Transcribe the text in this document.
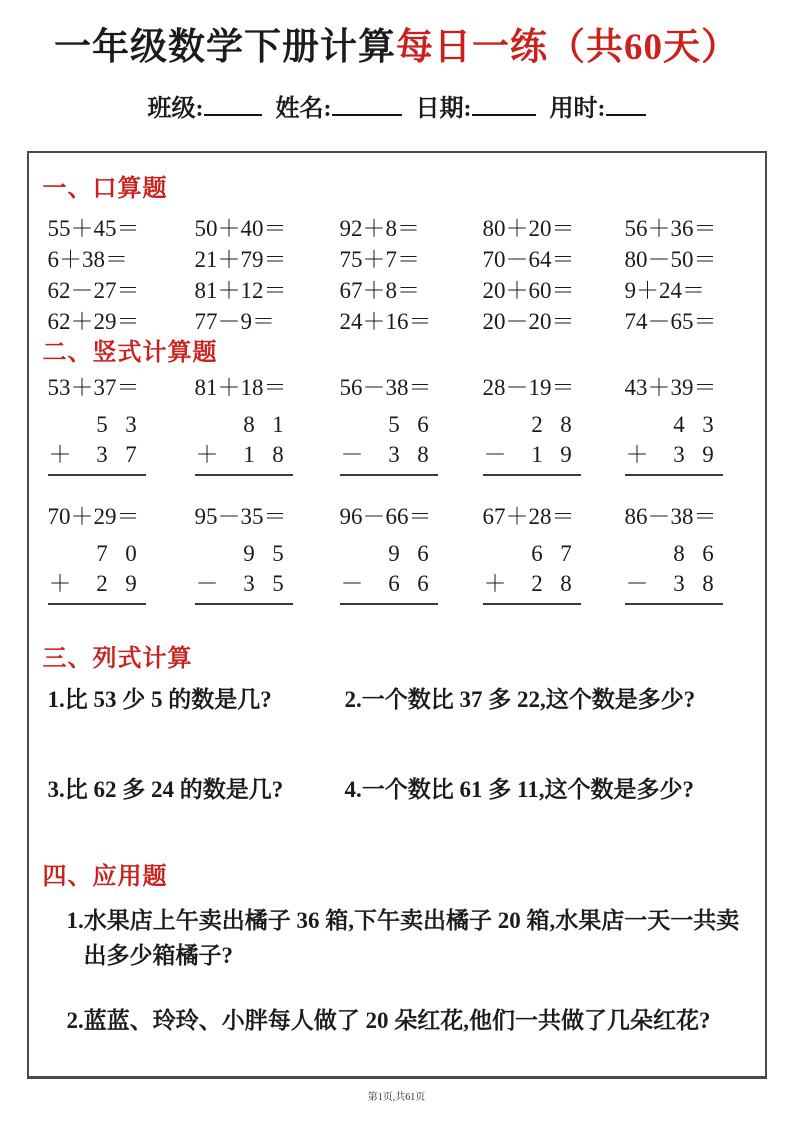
一年级数学下册计算每日一练（共60天）
班级:	姓名:	日期:	用时:
一、口算题
55＋45＝	50＋40＝	92＋8＝	80＋20＝	56＋36＝
6＋38＝	21＋79＝	75＋7＝	70－64＝	80－50＝
62－27＝	81＋12＝	67＋8＝	20＋60＝	9＋24＝
62＋29＝	77－9＝	24＋16＝	20－20＝	74－65＝
二、竖式计算题
53＋37＝	81＋18＝	56－38＝	28－19＝	43＋39＝
5 3
＋	3 7
8 1
＋	1 8
5 6
－	3 8
2 8
－	1 9
4 3
＋	3 9
70＋29＝	95－35＝	96－66＝	67＋28＝	86－38＝
7 0
＋	2 9
9 5
－	3 5
9 6
－	6 6
6 7
＋	2 8
8 6
－	3 8
三、列式计算
1.比 53 少 5 的数是几?	2.一个数比 37 多 22,这个数是多少?
3.比 62 多 24 的数是几?	4.一个数比 61 多 11,这个数是多少?
四、应用题

1.水果店上午卖出橘子 36 箱,下午卖出橘子 20 箱,水果店一天一共卖出多少箱橘子?

2.蓝蓝、玲玲、小胖每人做了 20 朵红花,他们一共做了几朵红花?

第1页,共61页
